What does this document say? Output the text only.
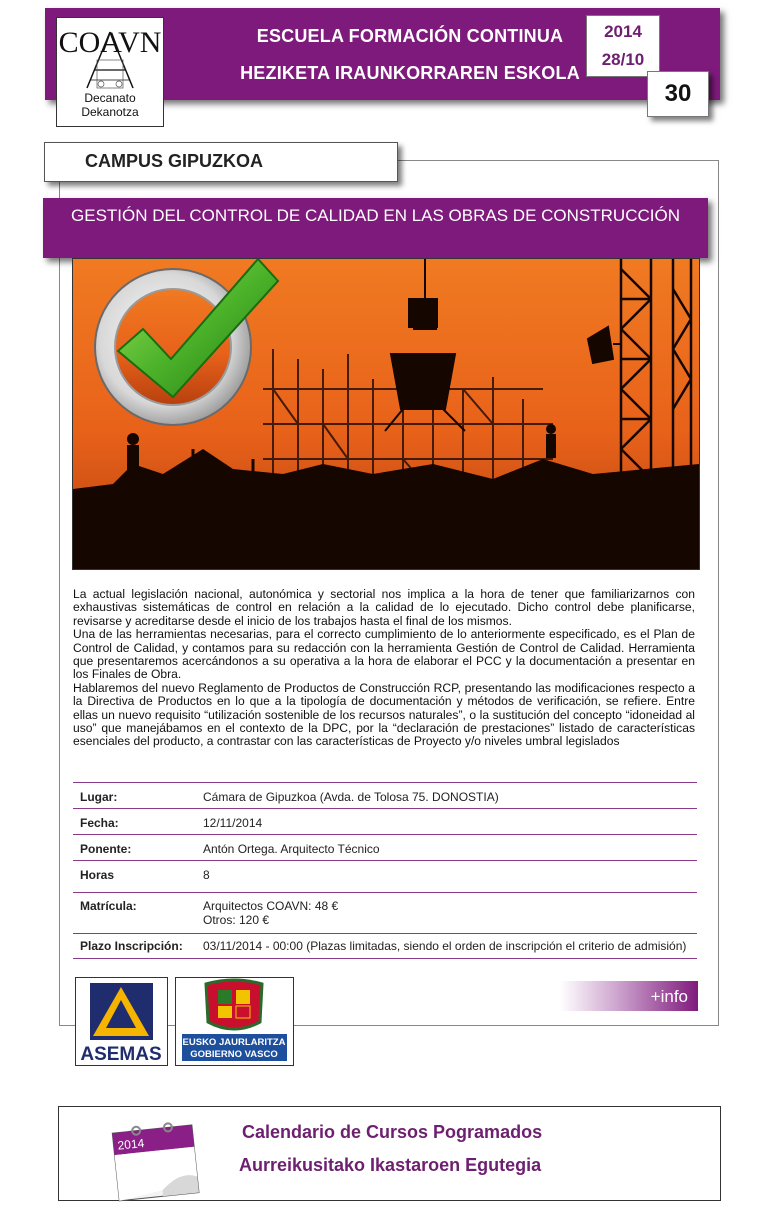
ESCUELA FORMACIÓN CONTINUA
HEZIKETA IRAUNKORRAREN ESKOLA
COAVN
Decanato
Dekanotza
2014
28/10
30
CAMPUS GIPUZKOA
GESTIÓN DEL CONTROL DE CALIDAD EN LAS OBRAS DE CONSTRUCCIÓN

La actual legislación nacional, autonómica y sectorial nos implica a la hora de tener que familiarizarnos con exhaustivas sistemáticas de control en relación a la calidad de lo ejecutado. Dicho control debe planificarse, revisarse y acreditarse desde el inicio de los trabajos hasta el final de los mismos.

Una de las herramientas necesarias, para el correcto cumplimiento de lo anteriormente especificado, es el Plan de Control de Calidad, y contamos para su redacción con la herramienta Gestión de Control de Calidad. Herramienta que presentaremos acercándonos a su operativa a la hora de elaborar el PCC y la documentación a presentar en los Finales de Obra.

Hablaremos del nuevo Reglamento de Productos de Construcción RCP, presentando las modificaciones respecto a la Directiva de Productos en lo que a la tipología de documentación y métodos de verificación, se refiere. Entre ellas un nuevo requisito “utilización sostenible de los recursos naturales”, o la sustitución del concepto “idoneidad al uso” que manejábamos en el contexto de la DPC, por la “declaración de prestaciones” listado de características esenciales del producto, a contrastar con las características de Proyecto y/o niveles umbral legislados

Lugar:	Cámara de Gipuzkoa (Avda. de Tolosa 75. DONOSTIA)
Fecha:	12/11/2014
Ponente:	Antón Ortega. Arquitecto Técnico
Horas	8
Matrícula:	Arquitectos COAVN: 48 €
Otros: 120 €
Plazo Inscripción: 03/11/2014 - 00:00 (Plazas limitadas, siendo el orden de inscripción el criterio de admisión)
ASEMAS
EUSKO JAURLARITZA
GOBIERNO VASCO
+info
2014
Calendario de Cursos Pogramados
Aurreikusitako Ikastaroen Egutegia
